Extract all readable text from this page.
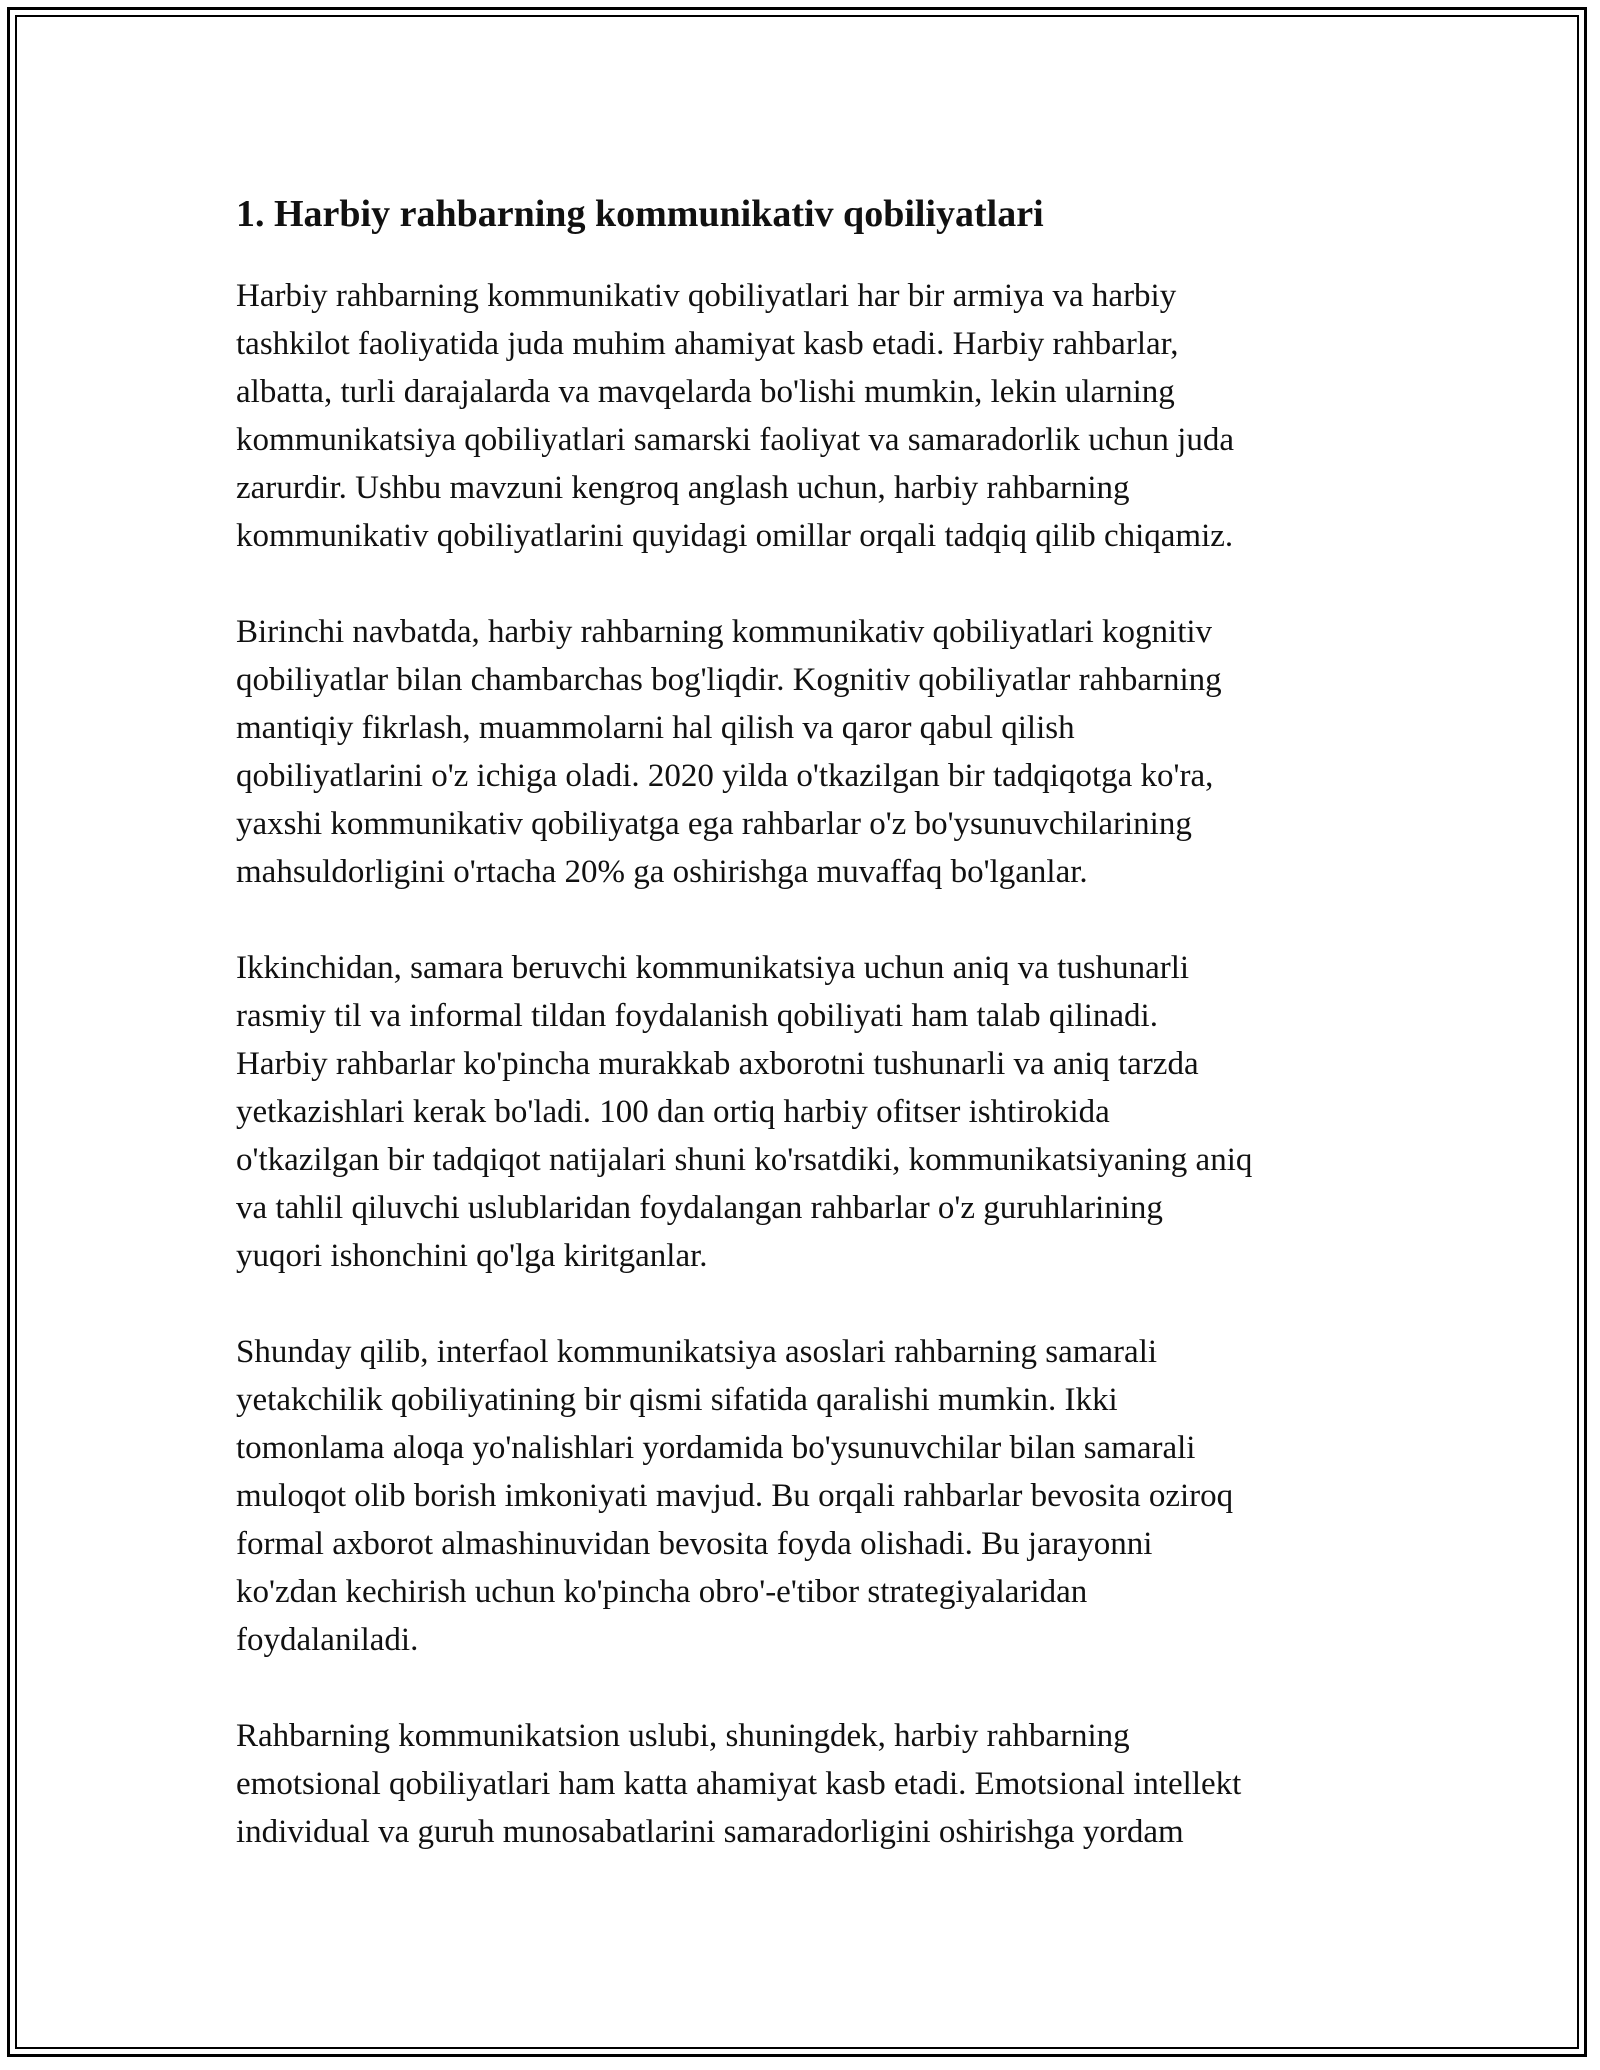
1. Harbiy rahbarning kommunikativ qobiliyatlari

Harbiy rahbarning kommunikativ qobiliyatlari har bir armiya va harbiy
tashkilot faoliyatida juda muhim ahamiyat kasb etadi. Harbiy rahbarlar,
albatta, turli darajalarda va mavqelarda bo'lishi mumkin, lekin ularning
kommunikatsiya qobiliyatlari samarski faoliyat va samaradorlik uchun juda
zarurdir. Ushbu mavzuni kengroq anglash uchun, harbiy rahbarning
kommunikativ qobiliyatlarini quyidagi omillar orqali tadqiq qilib chiqamiz.

Birinchi navbatda, harbiy rahbarning kommunikativ qobiliyatlari kognitiv
qobiliyatlar bilan chambarchas bog'liqdir. Kognitiv qobiliyatlar rahbarning
mantiqiy fikrlash, muammolarni hal qilish va qaror qabul qilish
qobiliyatlarini o'z ichiga oladi. 2020 yilda o'tkazilgan bir tadqiqotga ko'ra,
yaxshi kommunikativ qobiliyatga ega rahbarlar o'z bo'ysunuvchilarining
mahsuldorligini o'rtacha 20% ga oshirishga muvaffaq bo'lganlar.

Ikkinchidan, samara beruvchi kommunikatsiya uchun aniq va tushunarli
rasmiy til va informal tildan foydalanish qobiliyati ham talab qilinadi.
Harbiy rahbarlar ko'pincha murakkab axborotni tushunarli va aniq tarzda
yetkazishlari kerak bo'ladi. 100 dan ortiq harbiy ofitser ishtirokida
o'tkazilgan bir tadqiqot natijalari shuni ko'rsatdiki, kommunikatsiyaning aniq
va tahlil qiluvchi uslublaridan foydalangan rahbarlar o'z guruhlarining
yuqori ishonchini qo'lga kiritganlar.

Shunday qilib, interfaol kommunikatsiya asoslari rahbarning samarali
yetakchilik qobiliyatining bir qismi sifatida qaralishi mumkin. Ikki
tomonlama aloqa yo'nalishlari yordamida bo'ysunuvchilar bilan samarali
muloqot olib borish imkoniyati mavjud. Bu orqali rahbarlar bevosita oziroq
formal axborot almashinuvidan bevosita foyda olishadi. Bu jarayonni
ko'zdan kechirish uchun ko'pincha obro'-e'tibor strategiyalaridan
foydalaniladi.

Rahbarning kommunikatsion uslubi, shuningdek, harbiy rahbarning
emotsional qobiliyatlari ham katta ahamiyat kasb etadi. Emotsional intellekt
individual va guruh munosabatlarini samaradorligini oshirishga yordam
